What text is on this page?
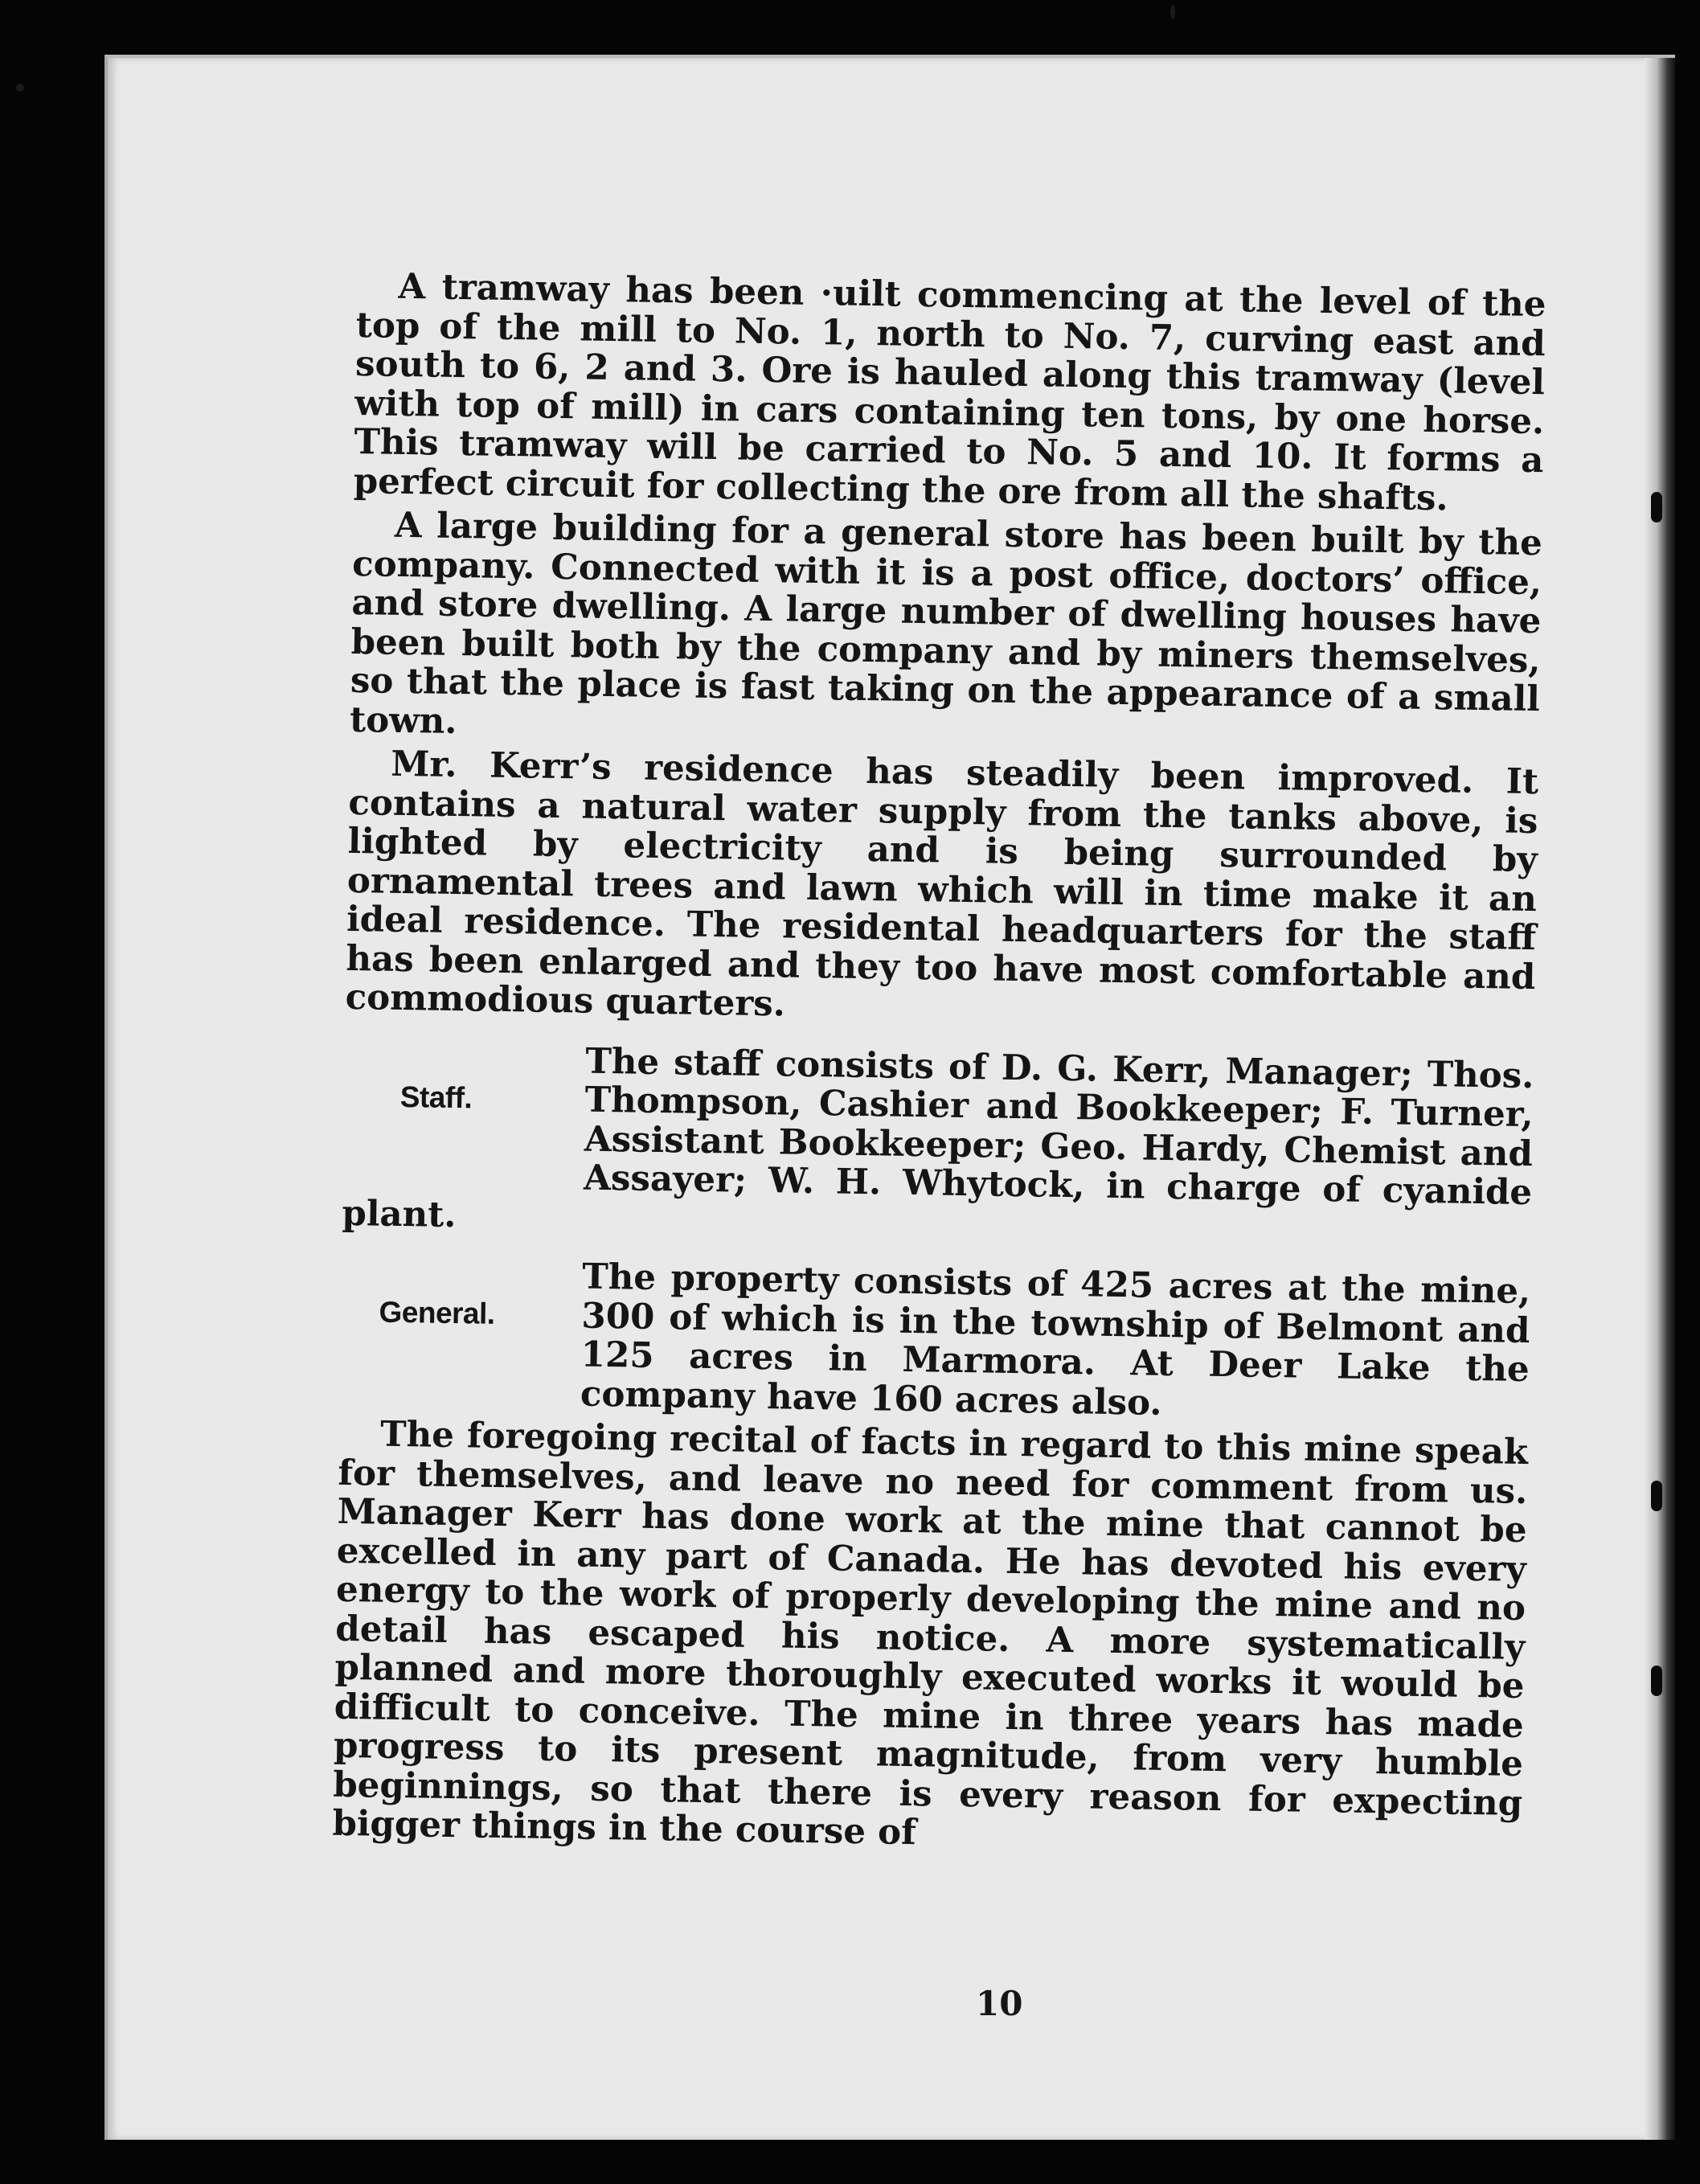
A tramway has been ·uilt commencing at the level of the top of the mill to No. 1, north to No. 7, curving east and south to 6, 2 and 3. Ore is hauled along this tramway (level with top of mill) in cars containing ten tons, by one horse. This tramway will be carried to No. 5 and 10. It forms a perfect circuit for collecting the ore from all the shafts.

A large building for a general store has been built by the company. Connected with it is a post office, doctors’ office, and store dwelling. A large number of dwelling houses have been built both by the company and by miners themselves, so that the place is fast taking on the appearance of a small town.

Mr. Kerr’s residence has steadily been improved. It contains a natural water supply from the tanks above, is lighted by electricity and is being surrounded by ornamental trees and lawn which will in time make it an ideal residence. The residental headquarters for the staff has been enlarged and they too have most comfortable and commodious quarters.

Staff.
The staff consists of D. G. Kerr, Manager; Thos. Thompson, Cashier and Bookkeeper; F. Turner, Assistant Bookkeeper; Geo. Hardy, Chemist and Assayer; W. H. Whytock, in charge of cyanide plant.
General.
The property consists of 425 acres at the mine, 300 of which is in the township of Belmont and 125 acres in Marmora. At Deer Lake the company have 160 acres also.

The foregoing recital of facts in regard to this mine speak for themselves, and leave no need for comment from us. Manager Kerr has done work at the mine that cannot be excelled in any part of Canada. He has devoted his every energy to the work of properly developing the mine and no detail has escaped his notice. A more systematically planned and more thoroughly executed works it would be difficult to conceive. The mine in three years has made progress to its present magnitude, from very humble beginnings, so that there is every reason for expecting bigger things in the course of

10
